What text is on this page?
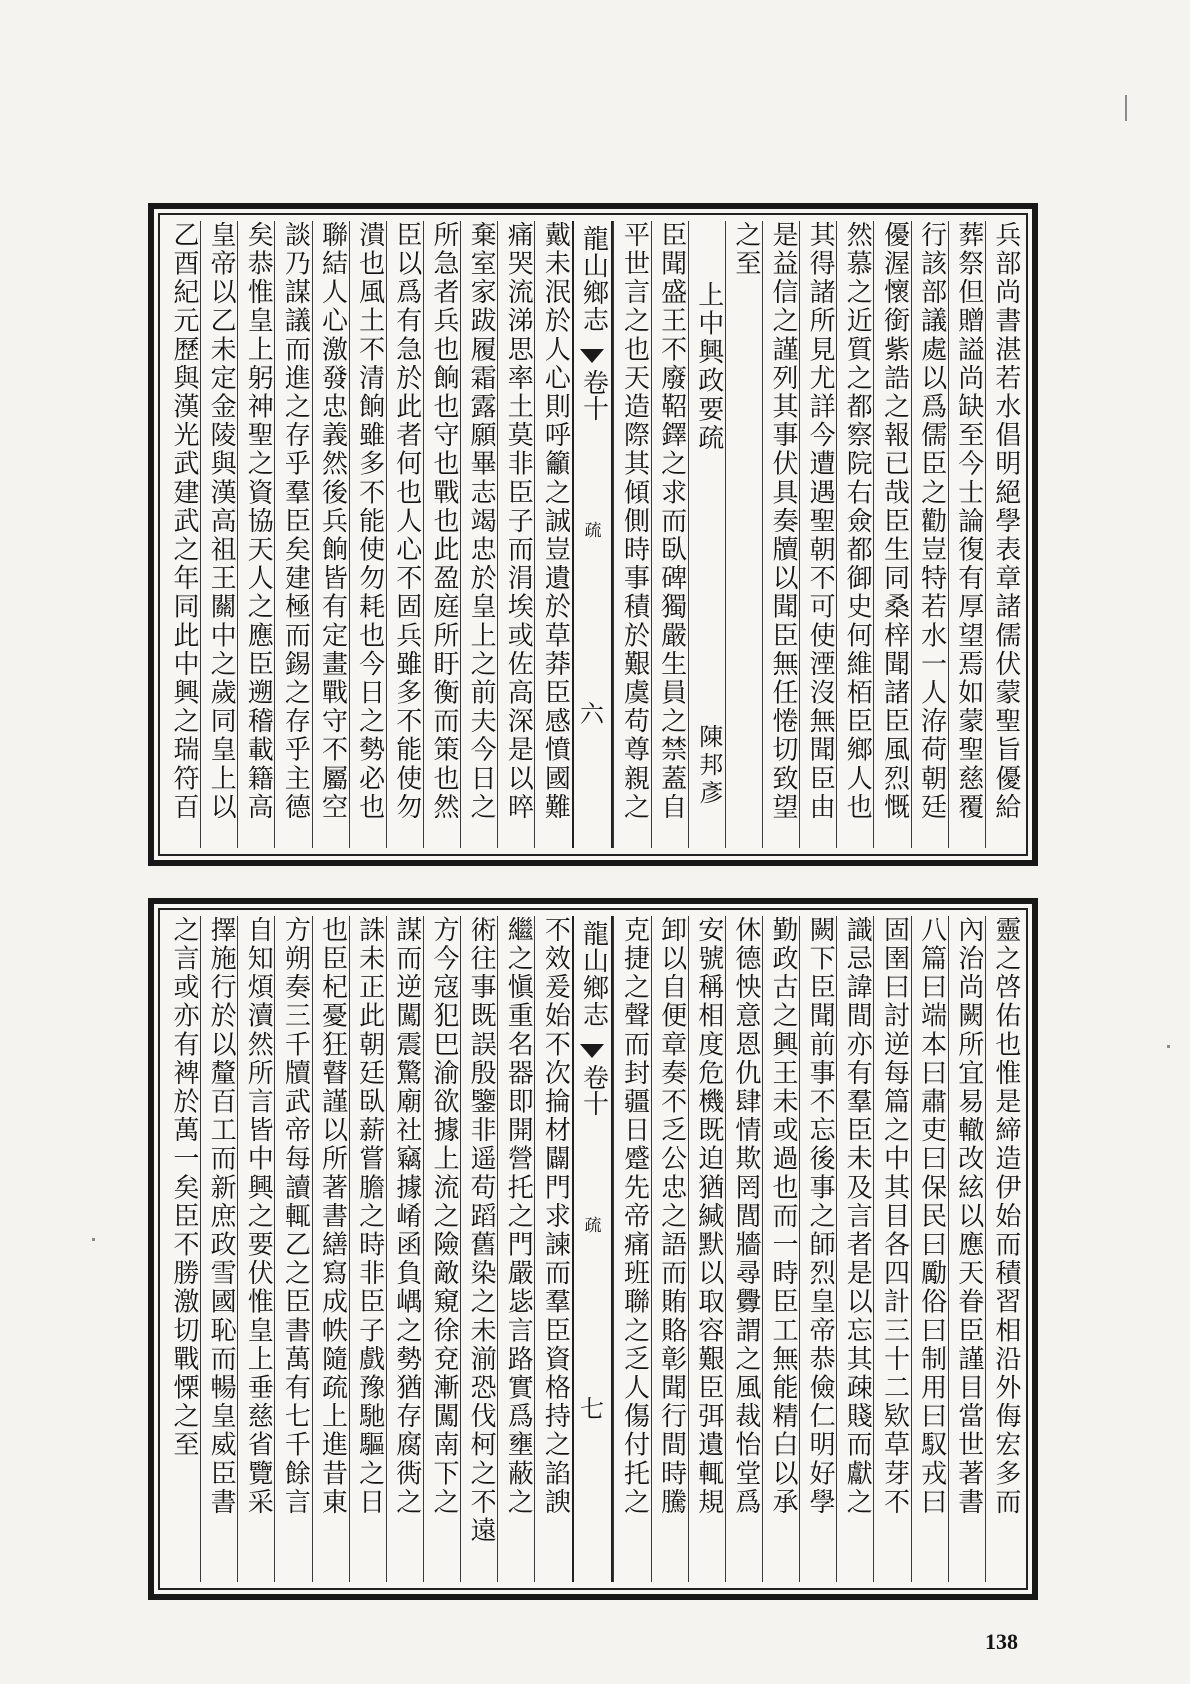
兵部尚書湛若水倡明絕學表章諸儒伏蒙聖旨優給
葬祭但贈謚尚缺至今士論復有厚望焉如蒙聖慈覆
行該部議處以爲儒臣之勸豈特若水一人洊荷朝廷
優渥懷銜紫誥之報已哉臣生同桑梓聞諸臣風烈慨
然慕之近質之都察院右僉都御史何維栢臣鄉人也
其得諸所見尤詳今遭遇聖朝不可使湮沒無聞臣由
是益信之謹列其事伏具奏牘以聞臣無任惓切致望
之至
上中興政要疏
陳邦彥
臣聞盛王不廢鞀鐸之求而臥碑獨嚴生員之禁蓋自
平世言之也天造際其傾側時事積於艱虞苟尊親之
龍山鄉志
卷十
疏
六
戴未泯於人心則呼籲之誠豈遺於草莽臣感憤國難
痛哭流涕思率土莫非臣子而涓埃或佐高深是以晬
棄室家跋履霜露願畢志竭忠於皇上之前夫今日之
所急者兵也餉也守也戰也此盈庭所盱衡而策也然
臣以爲有急於此者何也人心不固兵雖多不能使勿
潰也風土不清餉雖多不能使勿耗也今日之勢必也
聯結人心激發忠義然後兵餉皆有定畫戰守不屬空
談乃謀議而進之存乎羣臣矣建極而錫之存乎主德
矣恭惟皇上躬神聖之資協天人之應臣遡稽載籍高
皇帝以乙未定金陵與漢高祖王關中之歲同皇上以
乙酉紀元歷與漢光武建武之年同此中興之瑞符百
靈之啓佑也惟是締造伊始而積習相沿外侮宏多而
內治尚闕所宜易轍改絃以應天眷臣謹目當世著書
八篇曰端本曰肅吏曰保民曰勵俗曰制用曰馭戎曰
固圉曰討逆每篇之中其目各四計三十二欵草芽不
識忌諱間亦有羣臣未及言者是以忘其疎賤而獻之
闕下臣聞前事不忘後事之師烈皇帝恭儉仁明好學
勤政古之興王未或過也而一時臣工無能精白以承
休德怏意恩仇肆情欺罔閭牆尋釁謂之風裁怡堂爲
安號稱相度危機既迫猶緘默以取容艱臣弭遺輒規
卸以自便章奏不乏公忠之語而賄賂彰聞行間時騰
克捷之聲而封疆日蹙先帝痛班聯之乏人傷付托之
龍山鄉志
卷十
疏
七
不效爰始不次掄材闢門求諫而羣臣資格持之諂諛
繼之愼重名器即開營托之門嚴毖言路實爲壅蔽之
術往事既誤殷鑒非遥苟蹈舊染之未湔恐伐柯之不遠
方今寇犯巴渝欲據上流之險敵窺徐兗漸闖南下之
謀而逆闖震驚廟社竊據崤函負嵎之勢猶存腐衖之
誅未正此朝廷臥薪嘗膽之時非臣子戲豫馳驅之日
也臣杞憂狂瞽謹以所著書繕寫成帙隨疏上進昔東
方朔奏三千牘武帝每讀輒乙之臣書萬有七千餘言
自知煩瀆然所言皆中興之要伏惟皇上垂慈省覽采
擇施行於以釐百工而新庶政雪國恥而暢皇威臣書
之言或亦有裨於萬一矣臣不勝激切戰慄之至
138
